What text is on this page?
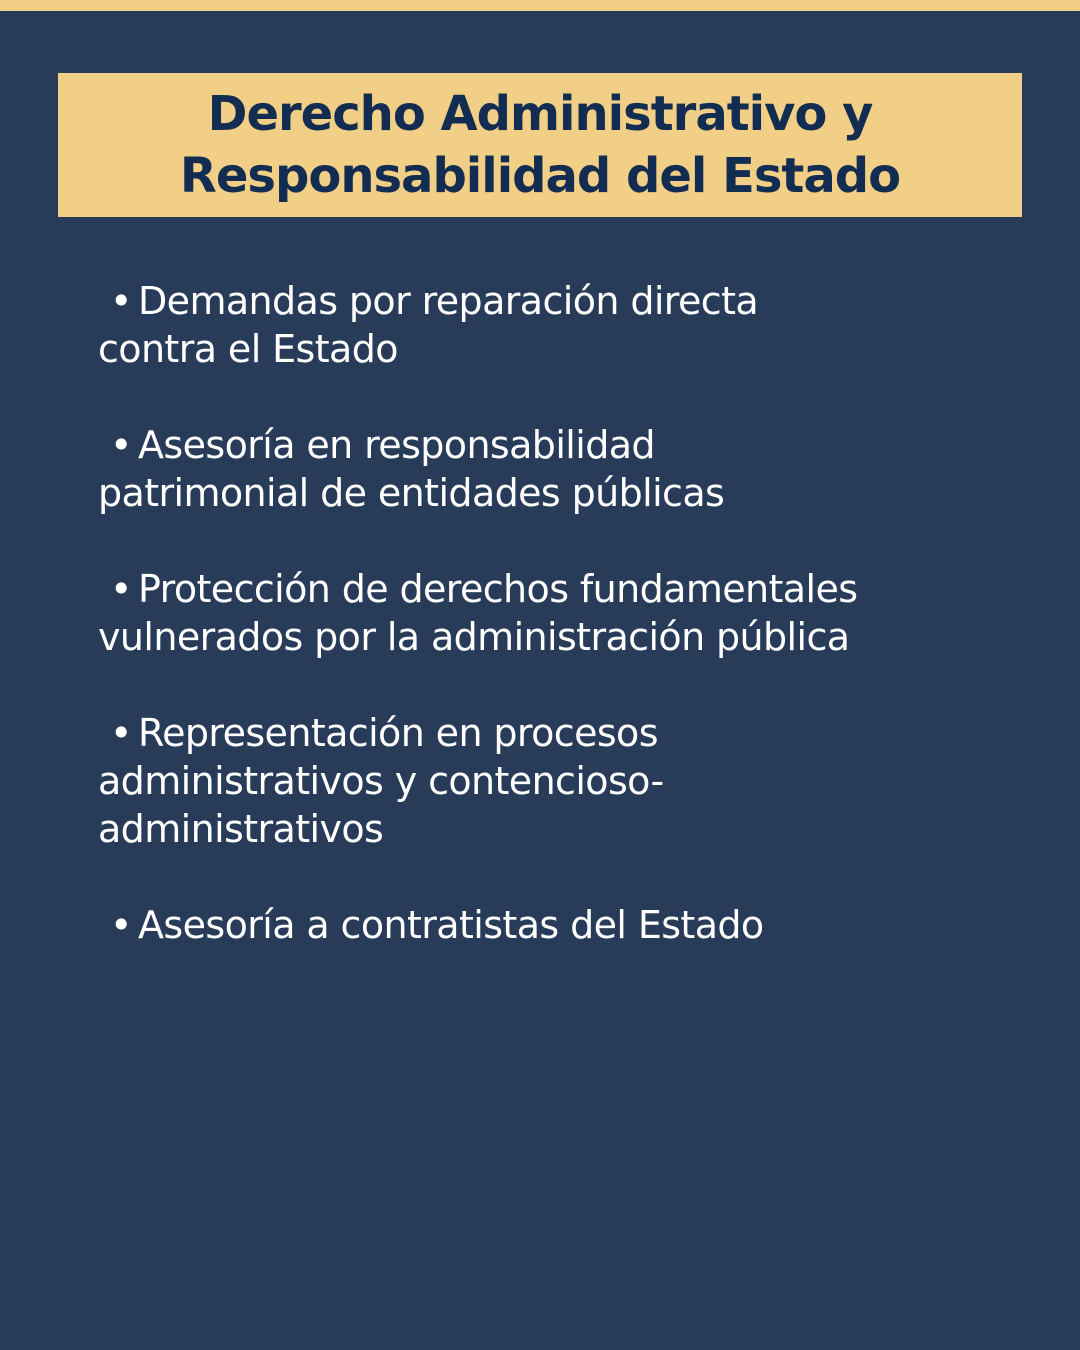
Derecho Administrativo y
Responsabilidad del Estado
• Demandas por reparación directa
contra el Estado
• Asesoría en responsabilidad
patrimonial de entidades públicas
• Protección de derechos fundamentales
vulnerados por la administración pública
• Representación en procesos
administrativos y contencioso-
administrativos
• Asesoría a contratistas del Estado
